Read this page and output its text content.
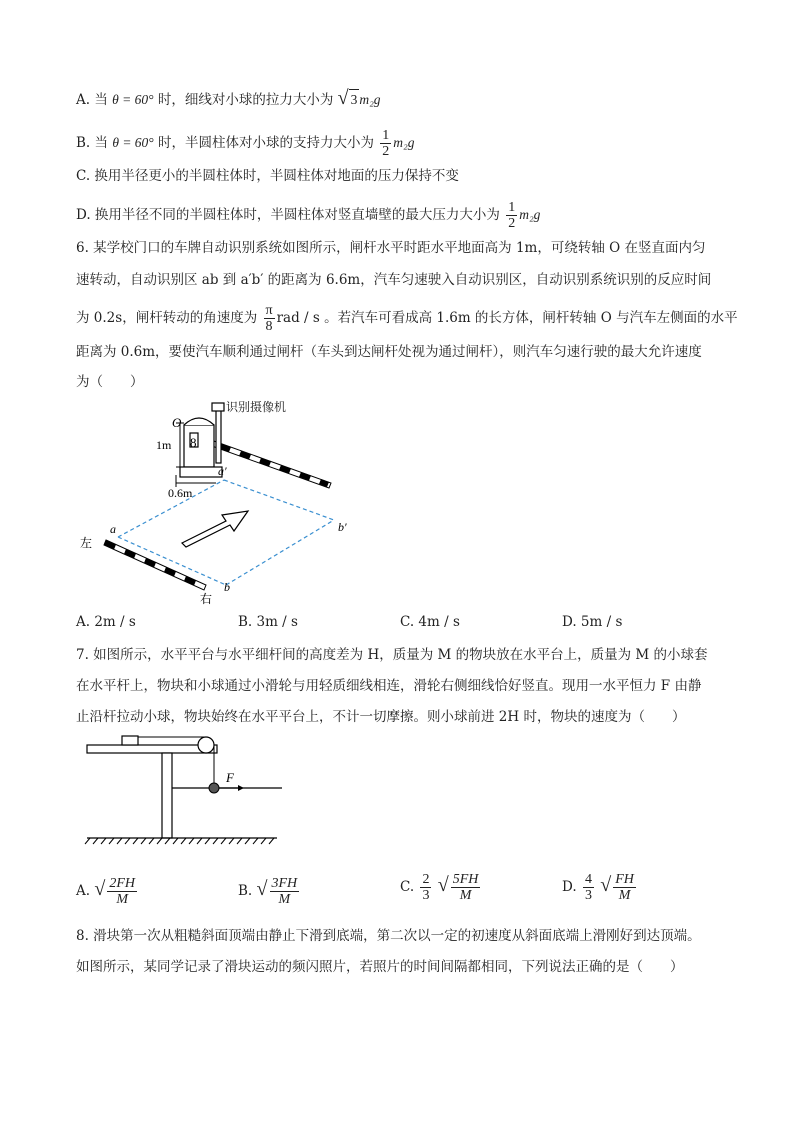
A. 当 θ = 60° 时，细线对小球的拉力大小为 √ 3 m₂g
B. 当 θ = 60° 时，半圆柱体对小球的支持力大小为 $\frac{1}{2} m_2g$
C. 换用半径更小的半圆柱体时，半圆柱体对地面的压力保持不变
D. 换用半径不同的半圆柱体时，半圆柱体对竖直墙壁的最大压力大小为 $\frac{1}{2} m_2g$
6. 某学校门口的车牌自动识别系统如图所示，闸杆水平时距水平地面高为 1m，可绕转轴 O 在竖直面内匀
速转动，自动识别区 ab 到 a′b′ 的距离为 6.6m，汽车匀速驶入自动识别区，自动识别系统识别的反应时间
为 0.2s，闸杆转动的角速度为 $\frac{\pi}{8}$ rad / s 。若汽车可看成高 1.6m 的长方体，闸杆转轴 O 与汽车左侧面的水平
距离为 0.6m，要使汽车顺利通过闸杆（车头到达闸杆处视为通过闸杆），则汽车匀速行驶的最大允许速度
为（　　）
8
识别摄像机
O
1m
0.6m
a′
a	b′
b
左
右
A. 2m / s	B. 3m / s	C. 4m / s	D. 5m / s
7. 如图所示，水平平台与水平细杆间的高度差为 H，质量为 M 的物块放在水平台上，质量为 M 的小球套
在水平杆上，物块和小球通过小滑轮与用轻质细线相连，滑轮右侧细线恰好竖直。现用一水平恒力 F 由静
止沿杆拉动小球，物块始终在水平平台上，不计一切摩擦。则小球前进 2H 时，物块的速度为（　　）
F
A. √ $\frac{2FH}{M}$	B. √ $\frac{3FH}{M}$	C. $\frac{2}{3}$ √ $\frac{5FH}{M}$	D. $\frac{4}{3}$ √ $\frac{FH}{M}$
8. 滑块第一次从粗糙斜面顶端由静止下滑到底端，第二次以一定的初速度从斜面底端上滑刚好到达顶端。
如图所示，某同学记录了滑块运动的频闪照片，若照片的时间间隔都相同，下列说法正确的是（　　）
